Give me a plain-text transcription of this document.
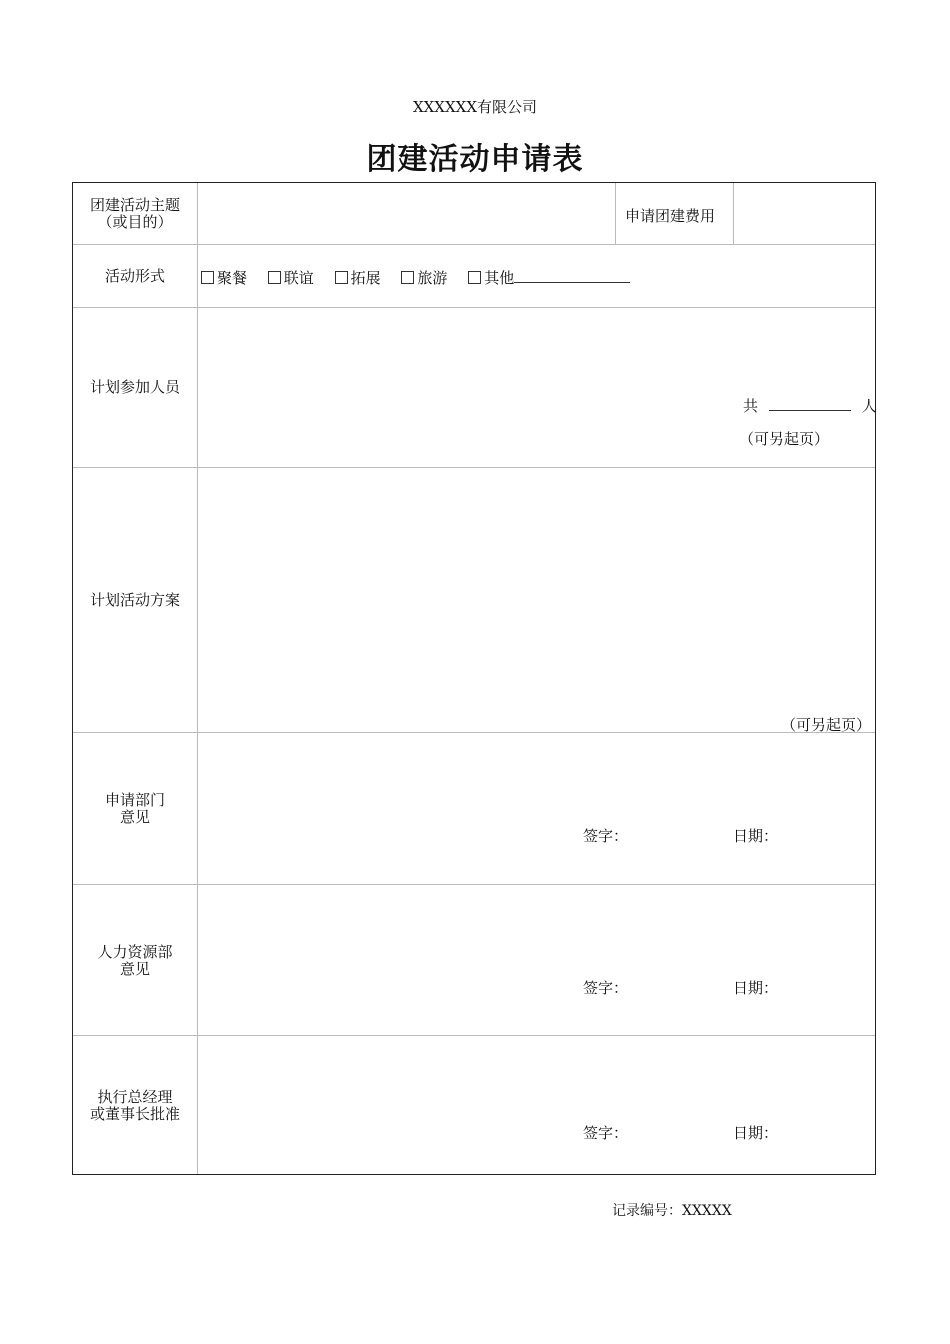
XXXXXX有限公司
团建活动申请表
团建活动主题
（或目的）	申请团建费用
活动形式	聚餐 联谊 拓展 旅游 其他
计划参加人员
共	人
（可另起页）
计划活动方案
（可另起页）
申请部门
意见
签字：	日期：
人力资源部
意见
签字：	日期：
执行总经理
或董事长批准
签字：	日期：
记录编号：XXXXX
